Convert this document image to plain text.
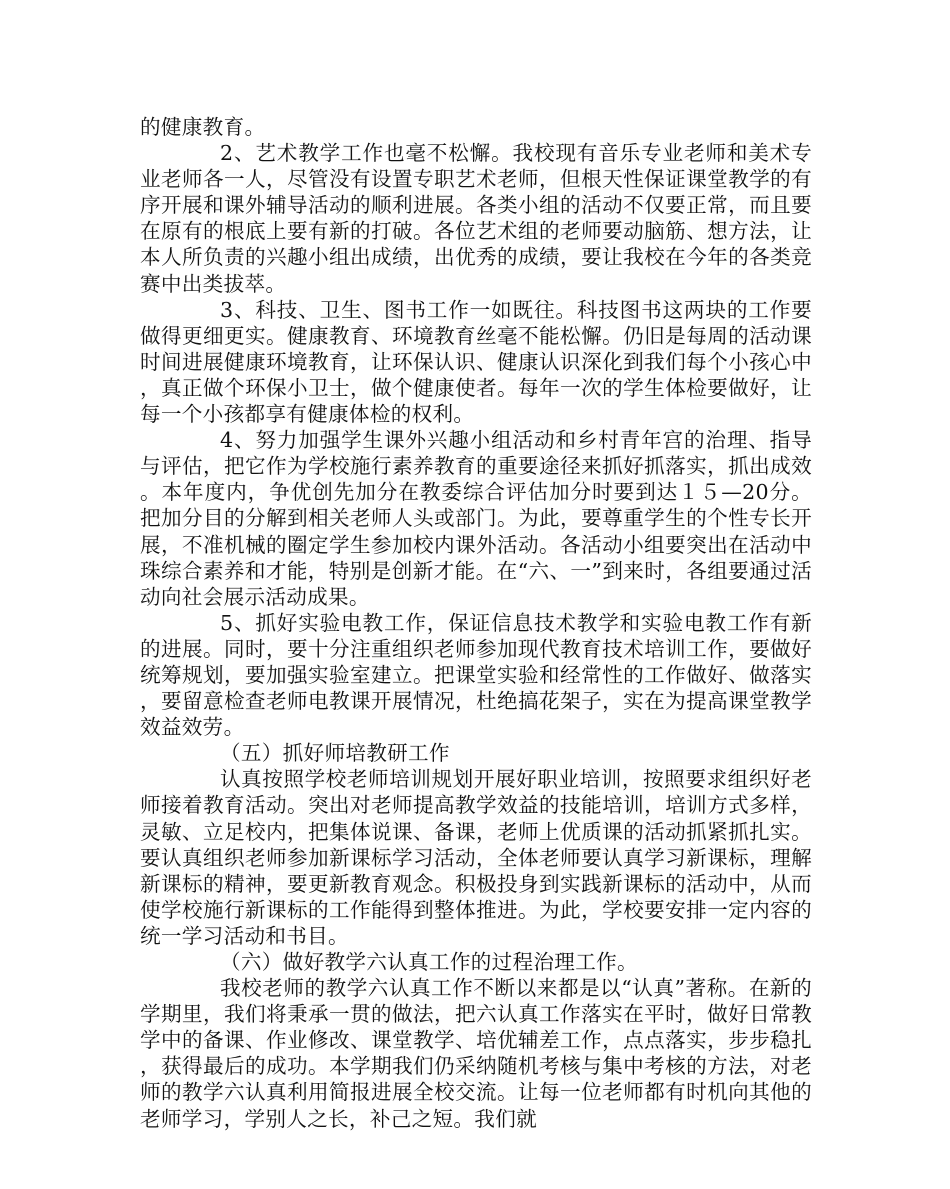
的健康教育。

2、艺术教学工作也毫不松懈。我校现有音乐专业老师和美术专业老师各一人，尽管没有设置专职艺术老师，但根天性保证课堂教学的有序开展和课外辅导活动的顺利进展。各类小组的活动不仅要正常，而且要在原有的根底上要有新的打破。各位艺术组的老师要动脑筋、想方法，让本人所负责的兴趣小组出成绩，出优秀的成绩，要让我校在今年的各类竞赛中出类拔萃。

3、科技、卫生、图书工作一如既往。科技图书这两块的工作要做得更细更实。健康教育、环境教育丝毫不能松懈。仍旧是每周的活动课时间进展健康环境教育，让环保认识、健康认识深化到我们每个小孩心中，真正做个环保小卫士，做个健康使者。每年一次的学生体检要做好，让每一个小孩都享有健康体检的权利。

4、努力加强学生课外兴趣小组活动和乡村青年宫的治理、指导与评估，把它作为学校施行素养教育的重要途径来抓好抓落实，抓出成效。本年度内，争优创先加分在教委综合评估加分时要到达１５—20分。把加分目的分解到相关老师人头或部门。为此，要尊重学生的个性专长开展，不准机械的圈定学生参加校内课外活动。各活动小组要突出在活动中珠综合素养和才能，特别是创新才能。在“六、一”到来时，各组要通过活动向社会展示活动成果。

5、抓好实验电教工作，保证信息技术教学和实验电教工作有新的进展。同时，要十分注重组织老师参加现代教育技术培训工作，要做好统筹规划，要加强实验室建立。把课堂实验和经常性的工作做好、做落实，要留意检查老师电教课开展情况，杜绝搞花架子，实在为提高课堂教学效益效劳。

（五）抓好师培教研工作

认真按照学校老师培训规划开展好职业培训，按照要求组织好老师接着教育活动。突出对老师提高教学效益的技能培训，培训方式多样，灵敏、立足校内，把集体说课、备课，老师上优质课的活动抓紧抓扎实。要认真组织老师参加新课标学习活动，全体老师要认真学习新课标，理解新课标的精神，要更新教育观念。积极投身到实践新课标的活动中，从而使学校施行新课标的工作能得到整体推进。为此，学校要安排一定内容的统一学习活动和书目。

（六）做好教学六认真工作的过程治理工作。

我校老师的教学六认真工作不断以来都是以“认真”著称。在新的学期里，我们将秉承一贯的做法，把六认真工作落实在平时，做好日常教学中的备课、作业修改、课堂教学、培优辅差工作，点点落实，步步稳扎，获得最后的成功。本学期我们仍采纳随机考核与集中考核的方法，对老师的教学六认真利用简报进展全校交流。让每一位老师都有时机向其他的老师学习，学别人之长，补己之短。我们就
